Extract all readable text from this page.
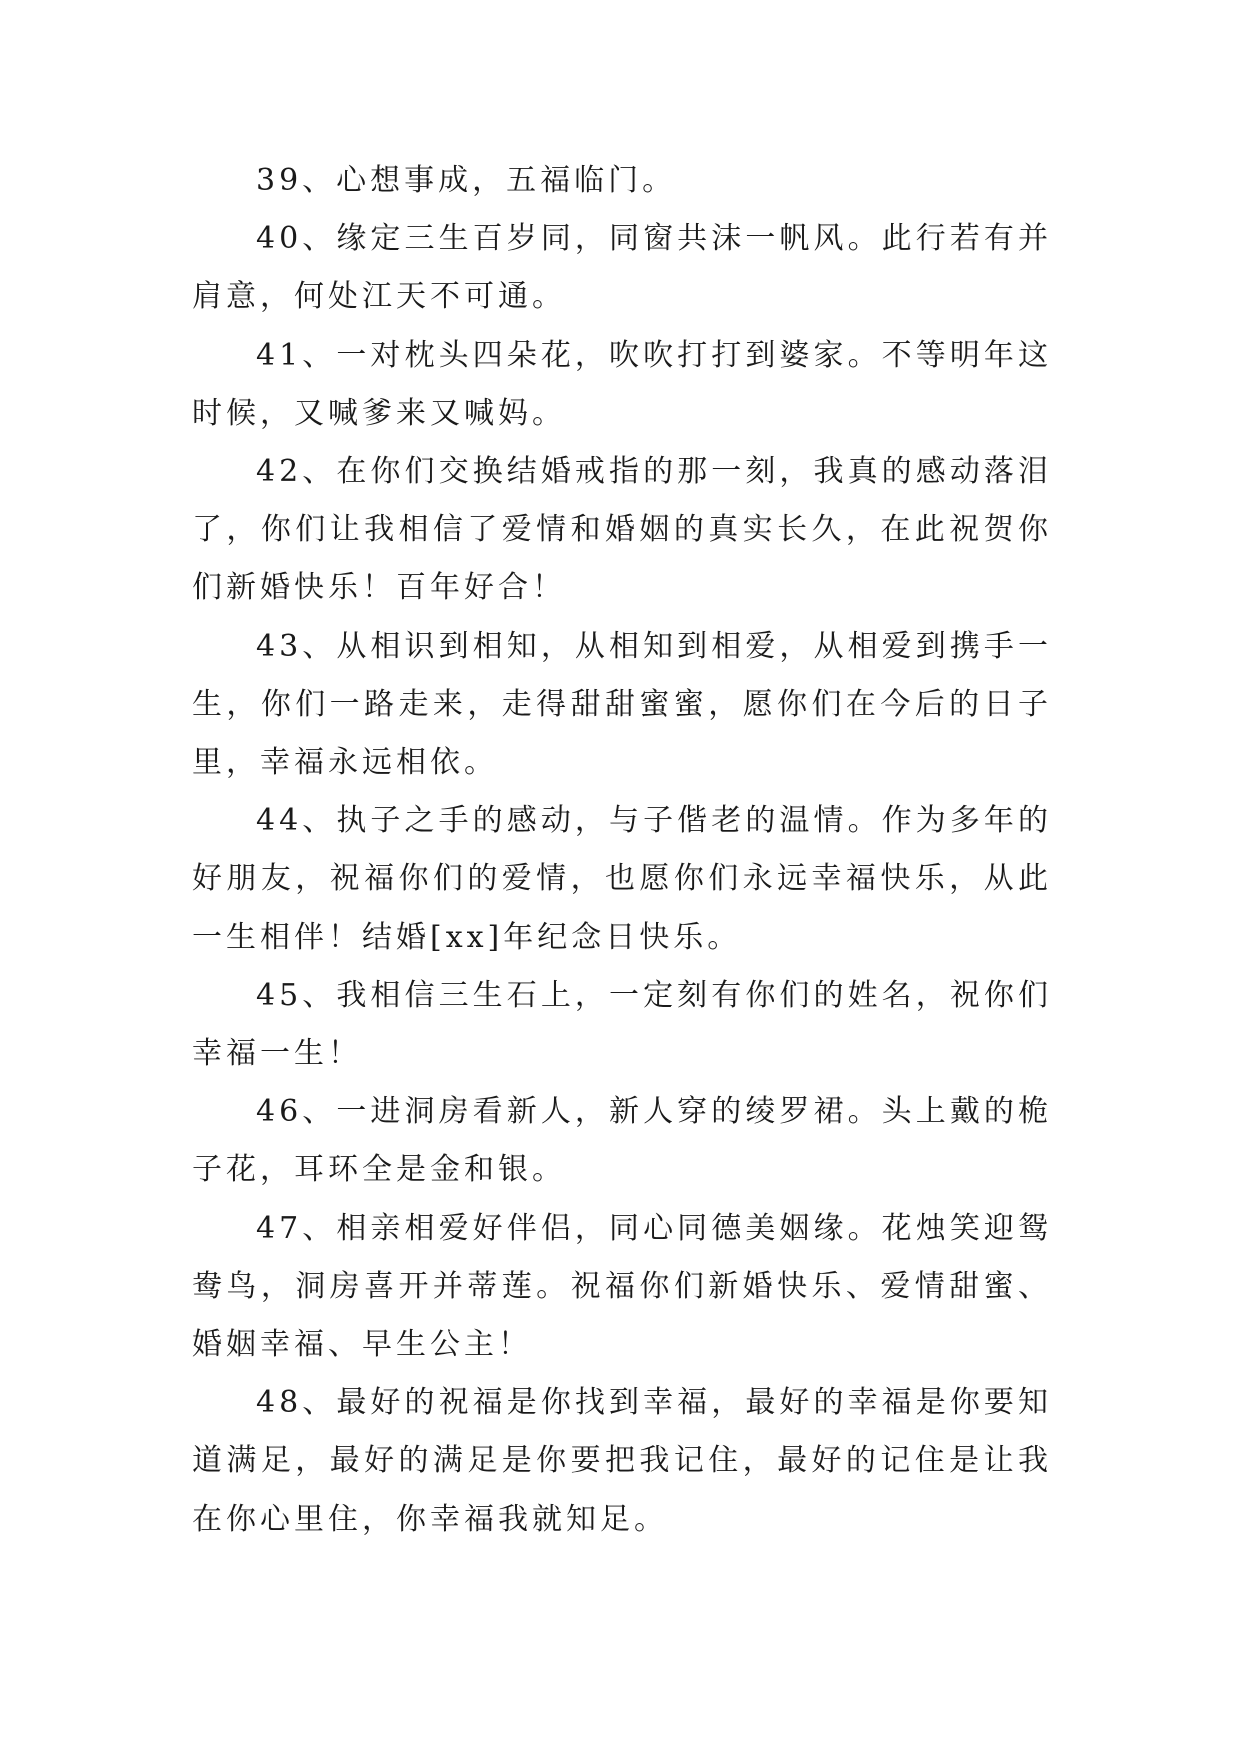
39、心想事成，五福临门。

40、缘定三生百岁同，同窗共沫一帆风。此行若有并肩意，何处江天不可通。

41、一对枕头四朵花，吹吹打打到婆家。不等明年这时候，又喊爹来又喊妈。

42、在你们交换结婚戒指的那一刻，我真的感动落泪了，你们让我相信了爱情和婚姻的真实长久，在此祝贺你们新婚快乐！百年好合！

43、从相识到相知，从相知到相爱，从相爱到携手一生，你们一路走来，走得甜甜蜜蜜，愿你们在今后的日子里，幸福永远相依。

44、执子之手的感动，与子偕老的温情。作为多年的好朋友，祝福你们的爱情，也愿你们永远幸福快乐，从此一生相伴！结婚[xx]年纪念日快乐。

45、我相信三生石上，一定刻有你们的姓名，祝你们幸福一生！

46、一进洞房看新人，新人穿的绫罗裙。头上戴的桅子花，耳环全是金和银。

47、相亲相爱好伴侣，同心同德美姻缘。花烛笑迎鸳鸯鸟，洞房喜开并蒂莲。祝福你们新婚快乐、爱情甜蜜、婚姻幸福、早生公主！

48、最好的祝福是你找到幸福，最好的幸福是你要知道满足，最好的满足是你要把我记住，最好的记住是让我在你心里住，你幸福我就知足。
